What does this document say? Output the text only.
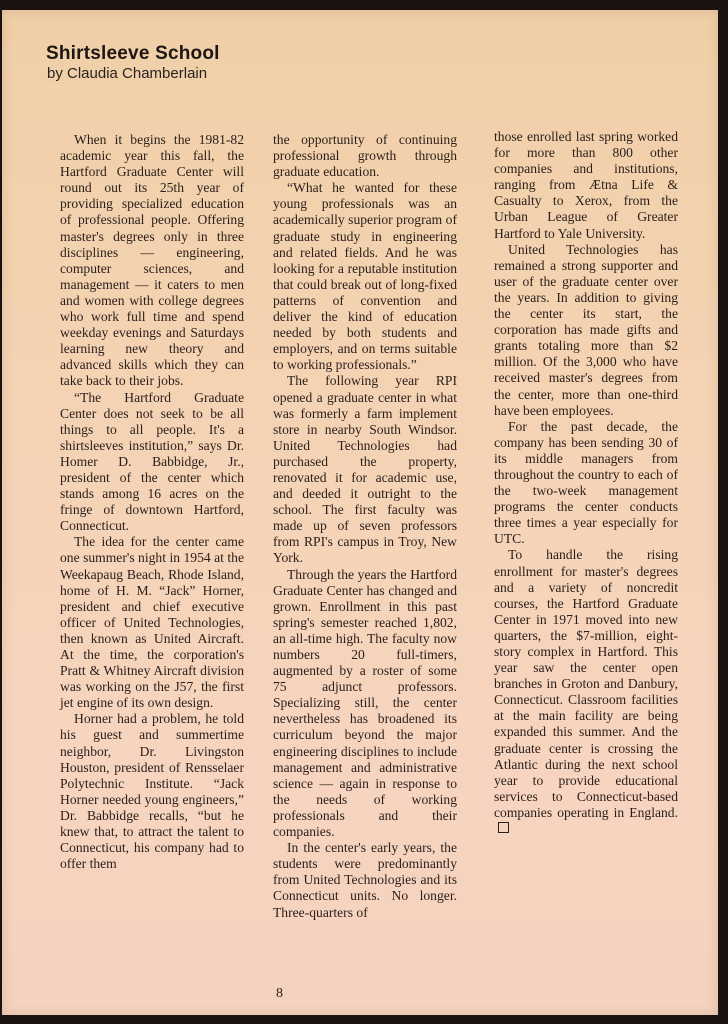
Shirtsleeve School

by Claudia Chamberlain

When it begins the 1981-82 academic year this fall, the Hartford Graduate Center will round out its 25th year of providing specialized education of professional people. Offering master's degrees only in three disciplines — engineering, computer sciences, and management — it caters to men and women with college degrees who work full time and spend weekday evenings and Saturdays learning new theory and advanced skills which they can take back to their jobs.

“The Hartford Graduate Center does not seek to be all things to all people. It's a shirtsleeves institution,” says Dr. Homer D. Babbidge, Jr., president of the center which stands among 16 acres on the fringe of downtown Hartford, Connecticut.

The idea for the center came one summer's night in 1954 at the Weekapaug Beach, Rhode Island, home of H. M. “Jack” Horner, president and chief executive officer of United Technologies, then known as United Aircraft. At the time, the corporation's Pratt & Whitney Aircraft division was working on the J57, the first jet engine of its own design.

Horner had a problem, he told his guest and summertime neighbor, Dr. Livingston Houston, president of Rensselaer Polytechnic Institute. “Jack Horner needed young engineers,” Dr. Babbidge recalls, “but he knew that, to attract the talent to Connecticut, his company had to offer them

the opportunity of continuing professional growth through graduate education.

“What he wanted for these young professionals was an academically superior program of graduate study in engineering and related fields. And he was looking for a reputable institution that could break out of long-fixed patterns of convention and deliver the kind of education needed by both students and employers, and on terms suitable to working professionals.”

The following year RPI opened a graduate center in what was formerly a farm implement store in nearby South Windsor. United Technologies had purchased the property, renovated it for academic use, and deeded it outright to the school. The first faculty was made up of seven professors from RPI's campus in Troy, New York.

Through the years the Hartford Graduate Center has changed and grown. Enrollment in this past spring's semester reached 1,802, an all-time high. The faculty now numbers 20 full-timers, augmented by a roster of some 75 adjunct professors. Specializing still, the center nevertheless has broadened its curriculum beyond the major engineering disciplines to include management and administrative science — again in response to the needs of working professionals and their companies.

In the center's early years, the students were predominantly from United Technologies and its Connecticut units. No longer. Three-quarters of

those enrolled last spring worked for more than 800 other companies and institutions, ranging from Ætna Life & Casualty to Xerox, from the Urban League of Greater Hartford to Yale University.

United Technologies has remained a strong supporter and user of the graduate center over the years. In addition to giving the center its start, the corporation has made gifts and grants totaling more than $2 million. Of the 3,000 who have received master's degrees from the center, more than one-third have been employees.

For the past decade, the company has been sending 30 of its middle managers from throughout the country to each of the two-week management programs the center conducts three times a year especially for UTC.

To handle the rising enrollment for master's degrees and a variety of noncredit courses, the Hartford Graduate Center in 1971 moved into new quarters, the $7-million, eight-story complex in Hartford. This year saw the center open branches in Groton and Danbury, Connecticut. Classroom facilities at the main facility are being expanded this summer. And the graduate center is crossing the Atlantic during the next school year to provide educational services to Connecticut-based companies operating in England.

8
